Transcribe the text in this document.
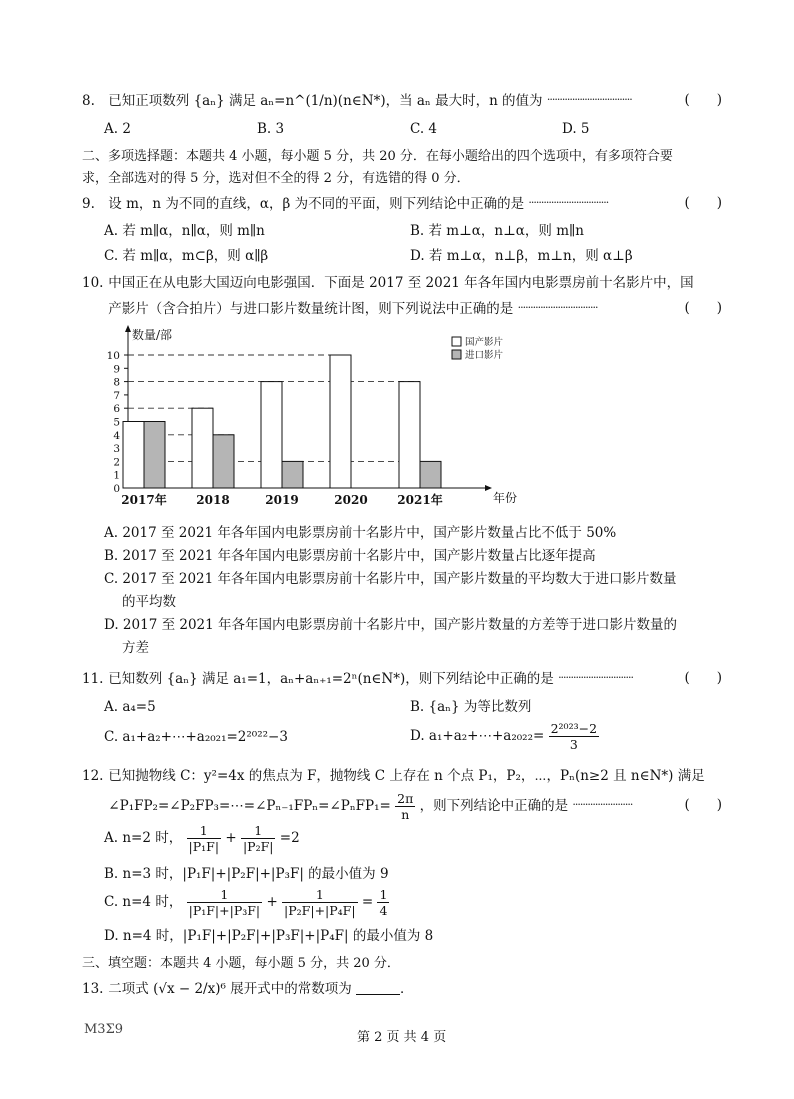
8. 已知正项数列 {aₙ} 满足 aₙ=n^(1/n)(n∈N*)，当 aₙ 最大时，n 的值为 ··································	(　　)
A. 2	B. 3	C. 4	D. 5
二、多项选择题：本题共 4 小题，每小题 5 分，共 20 分．在每小题给出的四个选项中，有多项符合要
求，全部选对的得 5 分，选对但不全的得 2 分，有选错的得 0 分．
9. 设 m，n 为不同的直线，α，β 为不同的平面，则下列结论中正确的是 ································	(　　)
A. 若 m∥α，n∥α，则 m∥n	B. 若 m⊥α，n⊥α，则 m∥n
C. 若 m∥α，m⊂β，则 α∥β	D. 若 m⊥α，n⊥β，m⊥n，则 α⊥β
10. 中国正在从电影大国迈向电影强国．下面是 2017 至 2021 年各年国内电影票房前十名影片中，国
产影片（含合拍片）与进口影片数量统计图，则下列说法中正确的是 ································	(　　)
数量/部
年份
0
1
2
3
4
5
6
7
8
9
10
2017年 2018	2019	2020 2021年
国产影片
进口影片
A. 2017 至 2021 年各年国内电影票房前十名影片中，国产影片数量占比不低于 50%
B. 2017 至 2021 年各年国内电影票房前十名影片中，国产影片数量占比逐年提高
C. 2017 至 2021 年各年国内电影票房前十名影片中，国产影片数量的平均数大于进口影片数量
的平均数
D. 2017 至 2021 年各年国内电影票房前十名影片中，国产影片数量的方差等于进口影片数量的
方差
11. 已知数列 {aₙ} 满足 a₁=1，aₙ+aₙ₊₁=2ⁿ(n∈N*)，则下列结论中正确的是 ······························	(　　)
A. a₄=5	B. {aₙ} 为等比数列
C. a₁+a₂+⋯+a₂₀₂₁=2²⁰²²−3	D. a₁+a₂+⋯+a₂₀₂₂= $\frac{\text{2²⁰²³−2}}{3}$
12. 已知抛物线 C：y²=4x 的焦点为 F，抛物线 C 上存在 n 个点 P₁，P₂，⋯，Pₙ(n≥2 且 n∈N*) 满足
∠P₁FP₂=∠P₂FP₃=⋯=∠Pₙ₋₁FPₙ=∠PₙFP₁= $\frac{2\pi}{n}$ ，则下列结论中正确的是 ························	(　　)
A. n=2 时， $\frac{1}{\text{|P₁F|}} + \frac{1}{\text{|P₂F|}} =2$
B. n=3 时，|P₁F|+|P₂F|+|P₃F| 的最小值为 9
C. n=4 时， $\frac{1}{\text{|P₁F|+|P₃F|}} + \frac{1}{\text{|P₂F|+|P₄F|}} = \frac{1}{4}$
D. n=4 时，|P₁F|+|P₂F|+|P₃F|+|P₄F| 的最小值为 8
三、填空题：本题共 4 小题，每小题 5 分，共 20 分．
13. 二项式 (√x − 2/x)⁶ 展开式中的常数项为	．
M3Σ9
第 2 页 共 4 页
